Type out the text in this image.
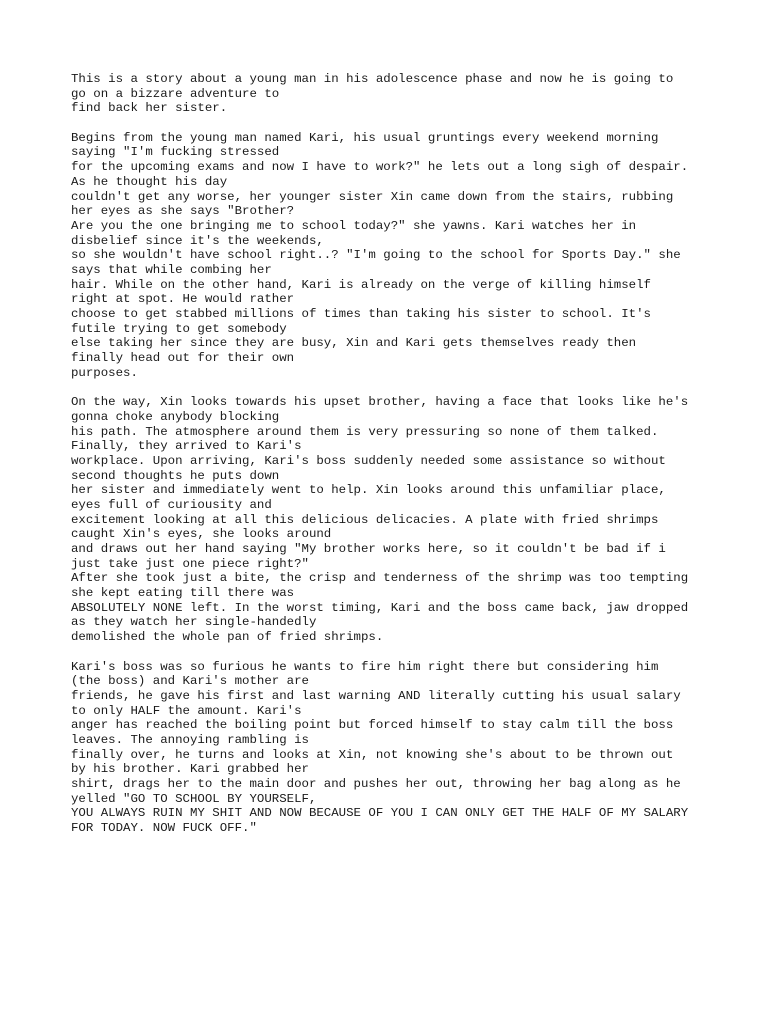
This is a story about a young man in his adolescence phase and now he is going to
go on a bizzare adventure to
find back her sister.
Begins from the young man named Kari, his usual gruntings every weekend morning
saying "I'm fucking stressed
for the upcoming exams and now I have to work?" he lets out a long sigh of despair.
As he thought his day
couldn't get any worse, her younger sister Xin came down from the stairs, rubbing
her eyes as she says "Brother?
Are you the one bringing me to school today?" she yawns. Kari watches her in
disbelief since it's the weekends,
so she wouldn't have school right..? "I'm going to the school for Sports Day." she
says that while combing her
hair. While on the other hand, Kari is already on the verge of killing himself
right at spot. He would rather
choose to get stabbed millions of times than taking his sister to school. It's
futile trying to get somebody
else taking her since they are busy, Xin and Kari gets themselves ready then
finally head out for their own
purposes.
On the way, Xin looks towards his upset brother, having a face that looks like he's
gonna choke anybody blocking
his path. The atmosphere around them is very pressuring so none of them talked.
Finally, they arrived to Kari's
workplace. Upon arriving, Kari's boss suddenly needed some assistance so without
second thoughts he puts down
her sister and immediately went to help. Xin looks around this unfamiliar place,
eyes full of curiousity and
excitement looking at all this delicious delicacies. A plate with fried shrimps
caught Xin's eyes, she looks around
and draws out her hand saying "My brother works here, so it couldn't be bad if i
just take just one piece right?"
After she took just a bite, the crisp and tenderness of the shrimp was too tempting
she kept eating till there was
ABSOLUTELY NONE left. In the worst timing, Kari and the boss came back, jaw dropped
as they watch her single-handedly
demolished the whole pan of fried shrimps.
Kari's boss was so furious he wants to fire him right there but considering him
(the boss) and Kari's mother are
friends, he gave his first and last warning AND literally cutting his usual salary
to only HALF the amount. Kari's
anger has reached the boiling point but forced himself to stay calm till the boss
leaves. The annoying rambling is
finally over, he turns and looks at Xin, not knowing she's about to be thrown out
by his brother. Kari grabbed her
shirt, drags her to the main door and pushes her out, throwing her bag along as he
yelled "GO TO SCHOOL BY YOURSELF,
YOU ALWAYS RUIN MY SHIT AND NOW BECAUSE OF YOU I CAN ONLY GET THE HALF OF MY SALARY
FOR TODAY. NOW FUCK OFF."
